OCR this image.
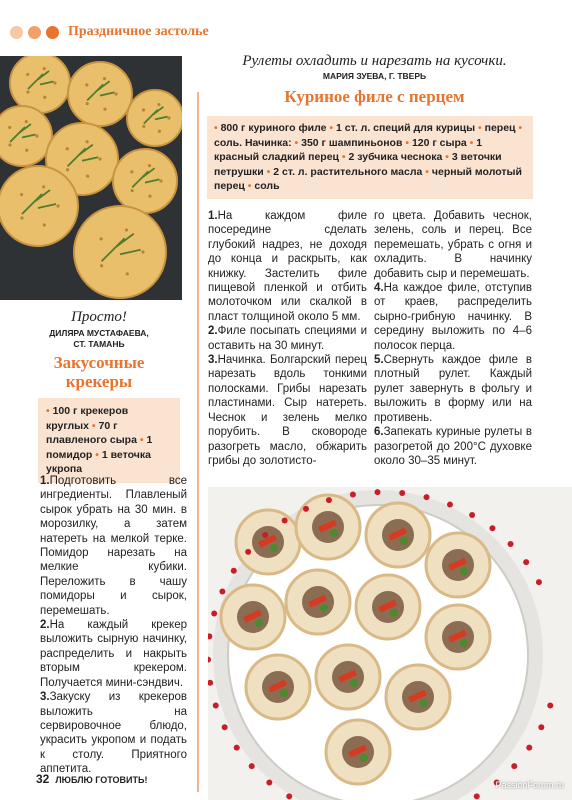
Праздничное застолье
Просто!
ДИЛЯРА МУСТАФАЕВА,
СТ. ТАМАНЬ
Закусочные
крекеры
• 100 г крекеров круглых • 70 г плавленого сыра • 1 помидор • 1 веточка укропа

1.Подготовить все ингредиенты. Плавленый сырок убрать на 30 мин. в морозилку, а затем натереть на мелкой терке. Помидор нарезать на мелкие кубики. Переложить в чашу помидоры и сырок, перемешать.

2.На каждый крекер выложить сырную начинку, распределить и накрыть вторым крекером. Получается мини-сэндвич.

3.Закуску из крекеров выложить на сервировочное блюдо, украсить укропом и подать к столу. Приятного аппетита.

Рулеты охладить и нарезать на кусочки.
МАРИЯ ЗУЕВА, Г. ТВЕРЬ
Куриное филе с перцем
• 800 г куриного филе • 1 ст. л. специй для курицы • перец • соль. Начинка: • 350 г шампиньонов • 120 г сыра • 1 красный сладкий перец • 2 зубчика чеснока • 3 веточки петрушки • 2 ст. л. растительного масла • черный молотый перец • соль

1.На каждом филе посередине сделать глубокий надрез, не доходя до конца и раскрыть, как книжку. Застелить филе пищевой пленкой и отбить молоточком или скалкой в пласт толщиной около 5 мм.

2.Филе посыпать специями и оставить на 30 минут.

3.Начинка. Болгарский перец нарезать вдоль тонкими полосками. Грибы нарезать пластинами. Сыр натереть. Чеснок и зелень мелко порубить. В сковороде разогреть масло, обжарить грибы до золотисто-

го цвета. Добавить чеснок, зелень, соль и перец. Все перемешать, убрать с огня и охладить. В начинку добавить сыр и перемешать.

4.На каждое филе, отступив от краев, распределить сырно-грибную начинку. В середину выложить по 4–6 полосок перца.

5.Свернуть каждое филе в плотный рулет. Каждый рулет завернуть в фольгу и выложить в форму или на противень.

6.Запекать куриные рулеты в разогретой до 200°C духовке около 30–35 минут.

32 ЛЮБЛЮ ГОТОВИТЬ!	PassionForum.ru
